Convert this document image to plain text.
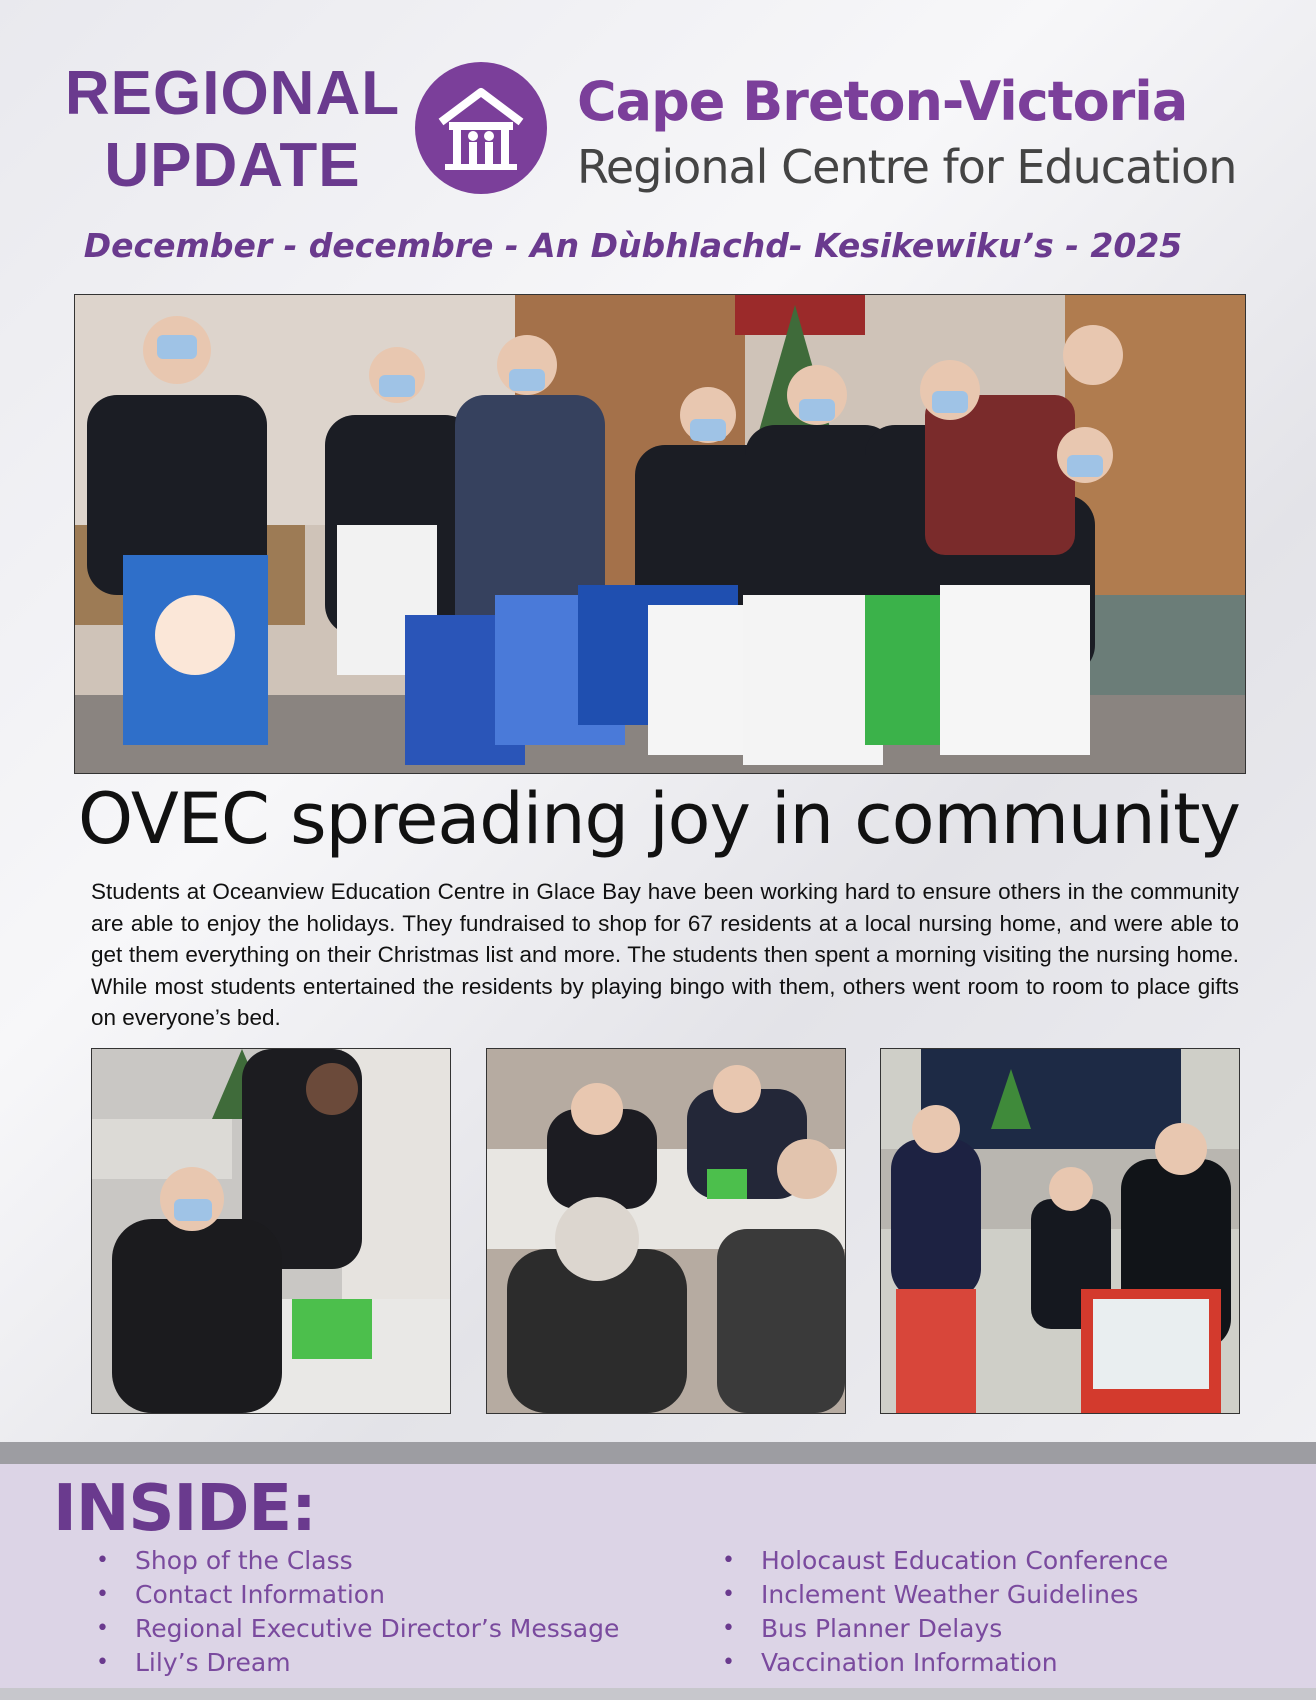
REGIONAL
UPDATE
Cape Breton-Victoria
Regional Centre for Education
December - decembre - An Dùbhlachd- Kesikewiku’s - 2025
OVEC spreading joy in community
Students at Oceanview Education Centre in Glace Bay have been working hard to ensure others in the community are able to enjoy the holidays. They fundraised to shop for 67 residents at a local nursing home, and were able to get them everything on their Christmas list and more. The students then spent a morning visiting the nursing home. While most students entertained the residents by playing bingo with them, others went room to room to place gifts on everyone’s bed.
INSIDE:
• Shop of the Class
• Contact Information
• Regional Executive Director’s Message
• Lily’s Dream
• Holocaust Education Conference
• Inclement Weather Guidelines
• Bus Planner Delays
• Vaccination Information
